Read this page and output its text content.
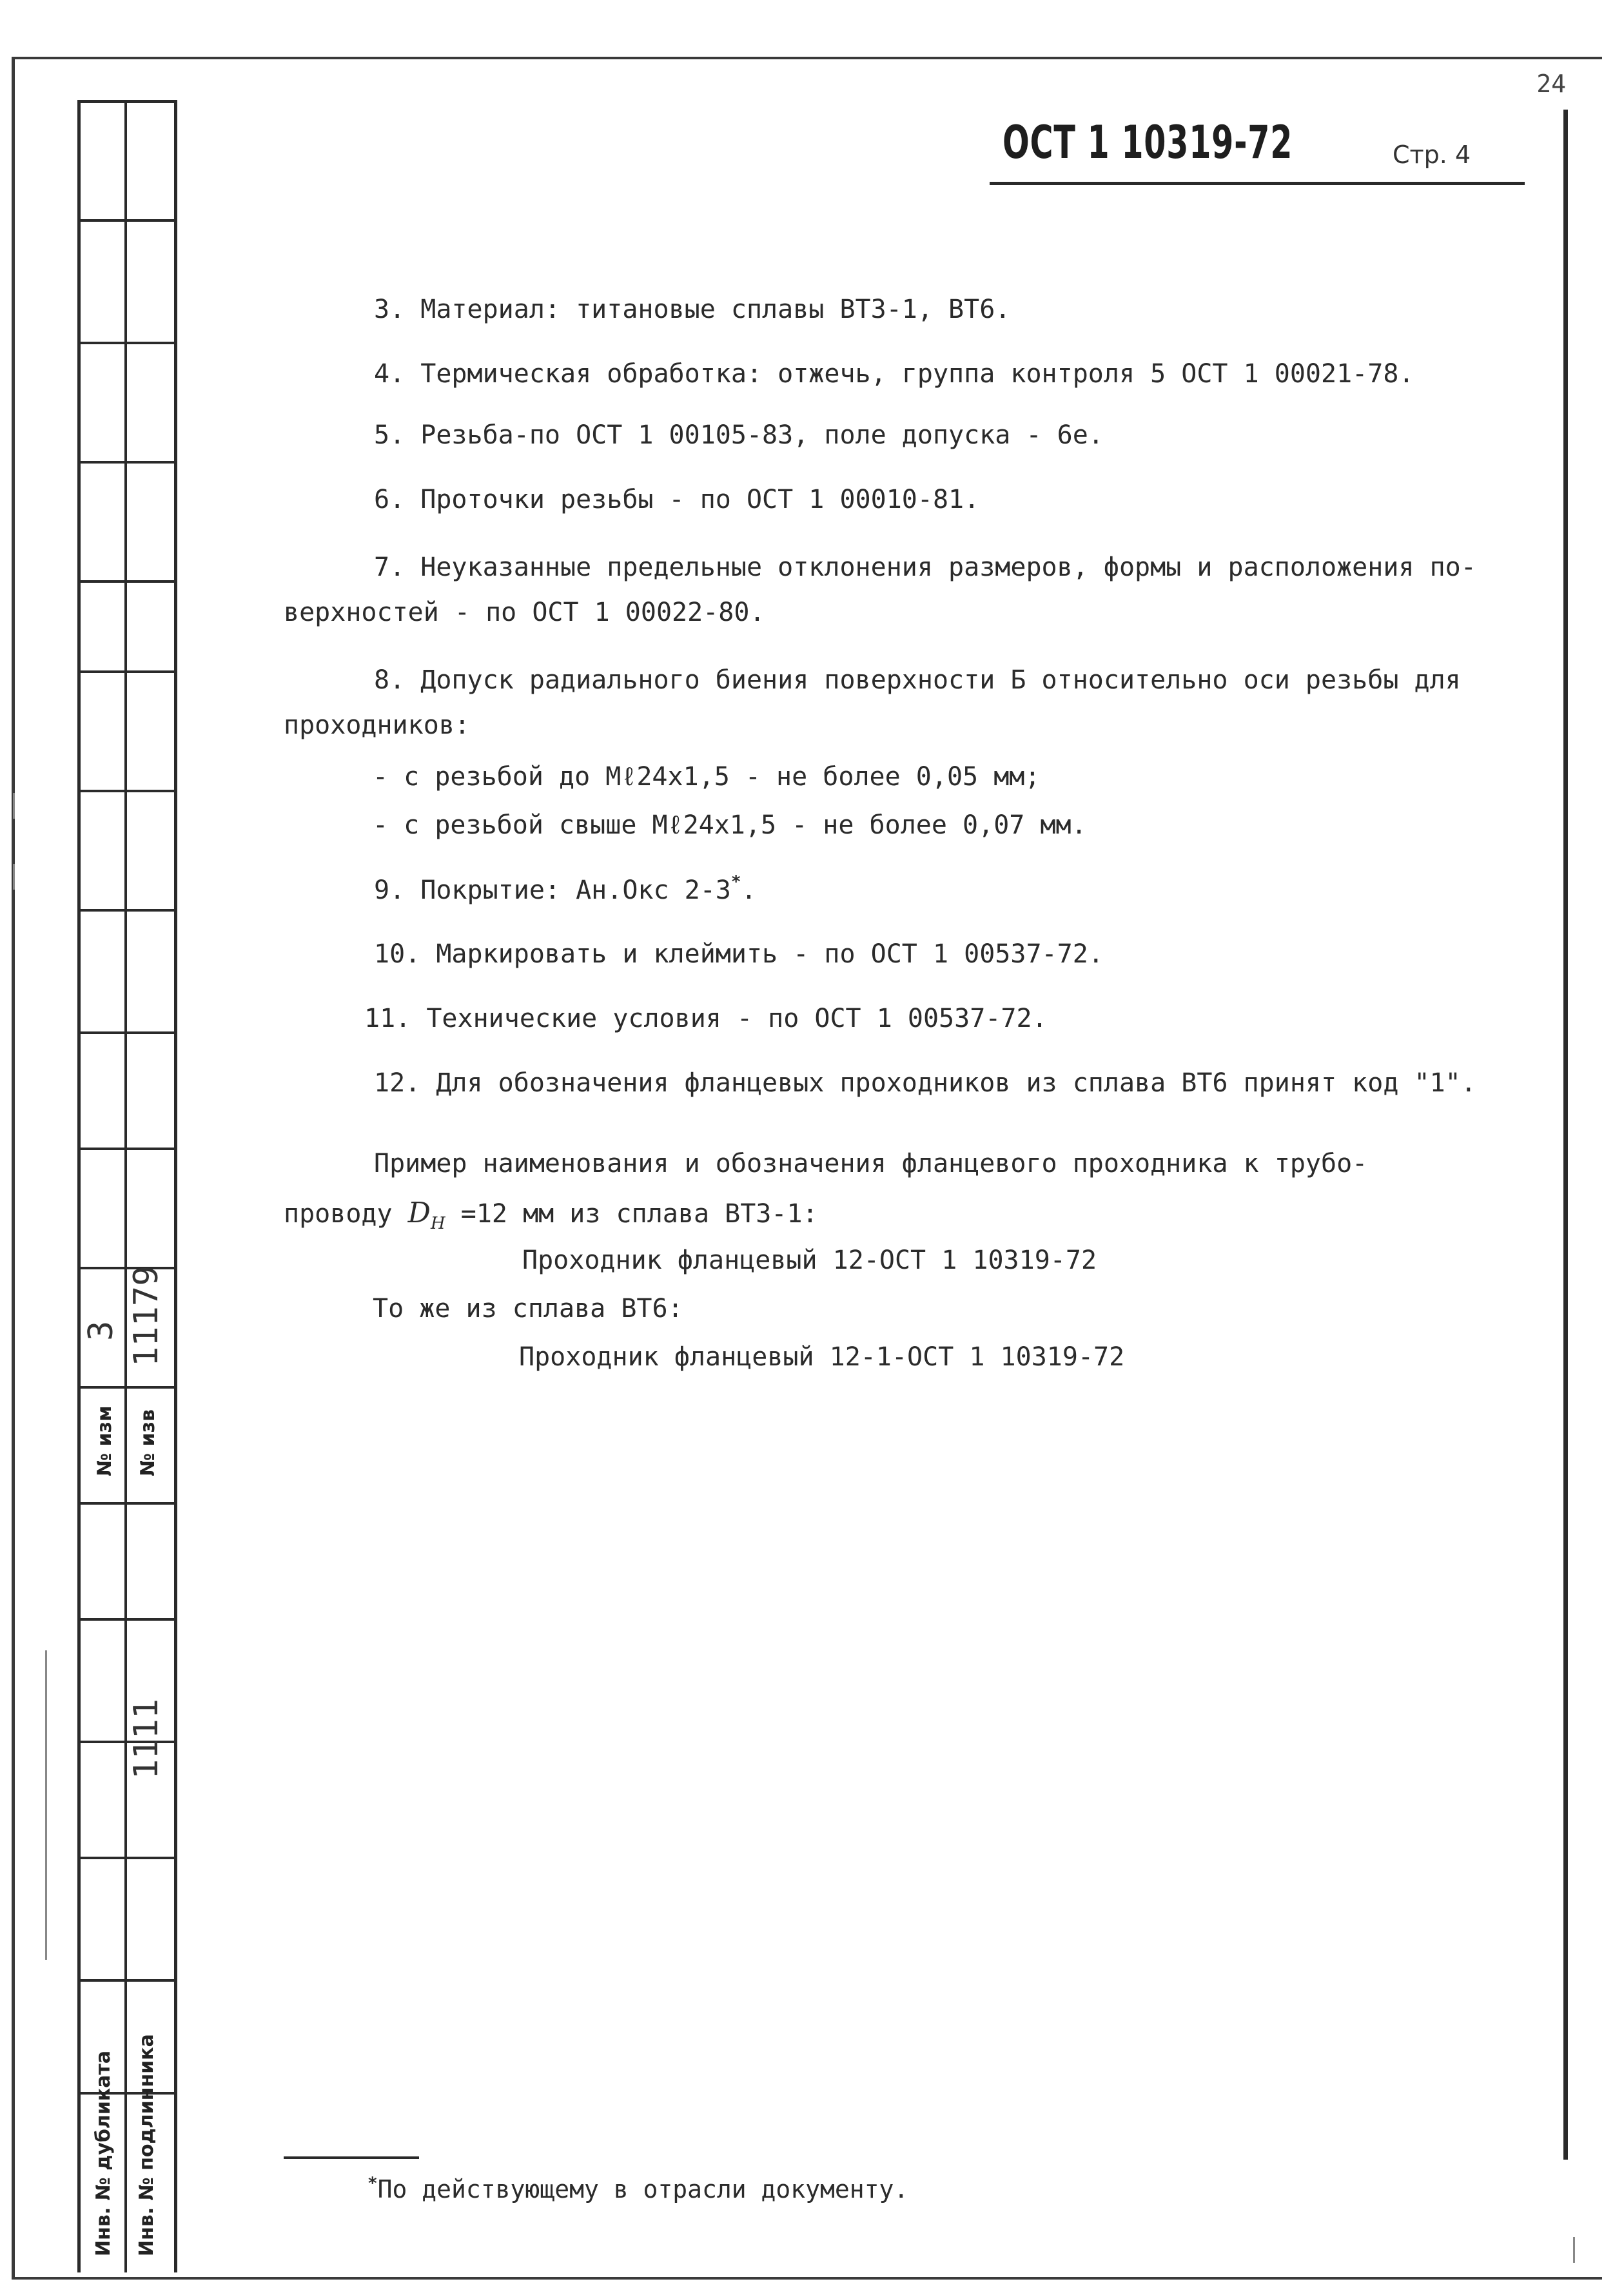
№ изм
3
№ изв
11179
1111
Инв. № дубликата Инв. № подлинника
24
ОСТ 1 10319-72	Стр. 4
3. Материал: титановые сплавы ВТ3-1, ВТ6.
4. Термическая обработка: отжечь, группа контроля 5 ОСТ 1 00021-78.
5. Резьба-по ОСТ 1 00105-83, поле допуска - 6е.
6. Проточки резьбы - по ОСТ 1 00010-81.
7. Неуказанные предельные отклонения размеров, формы и расположения по-
верхностей - по ОСТ 1 00022-80.
8. Допуск радиального биения поверхности Б относительно оси резьбы для
проходников:
- с резьбой до Мℓ24х1,5 - не более 0,05 мм;
- с резьбой свыше Мℓ24х1,5 - не более 0,07 мм.
9. Покрытие: Ан.Окс 2-3*.
10. Маркировать и клеймить - по ОСТ 1 00537-72.
11. Технические условия - по ОСТ 1 00537-72.
12. Для обозначения фланцевых проходников из сплава ВТ6 принят код "1".
Пример наименования и обозначения фланцевого проходника к трубо-
проводу $D_Н =12$ мм из сплава ВТ3-1:
Проходник фланцевый 12-ОСТ 1 10319-72
То же из сплава ВТ6:
Проходник фланцевый 12-1-ОСТ 1 10319-72
*По действующему в отрасли документу.
